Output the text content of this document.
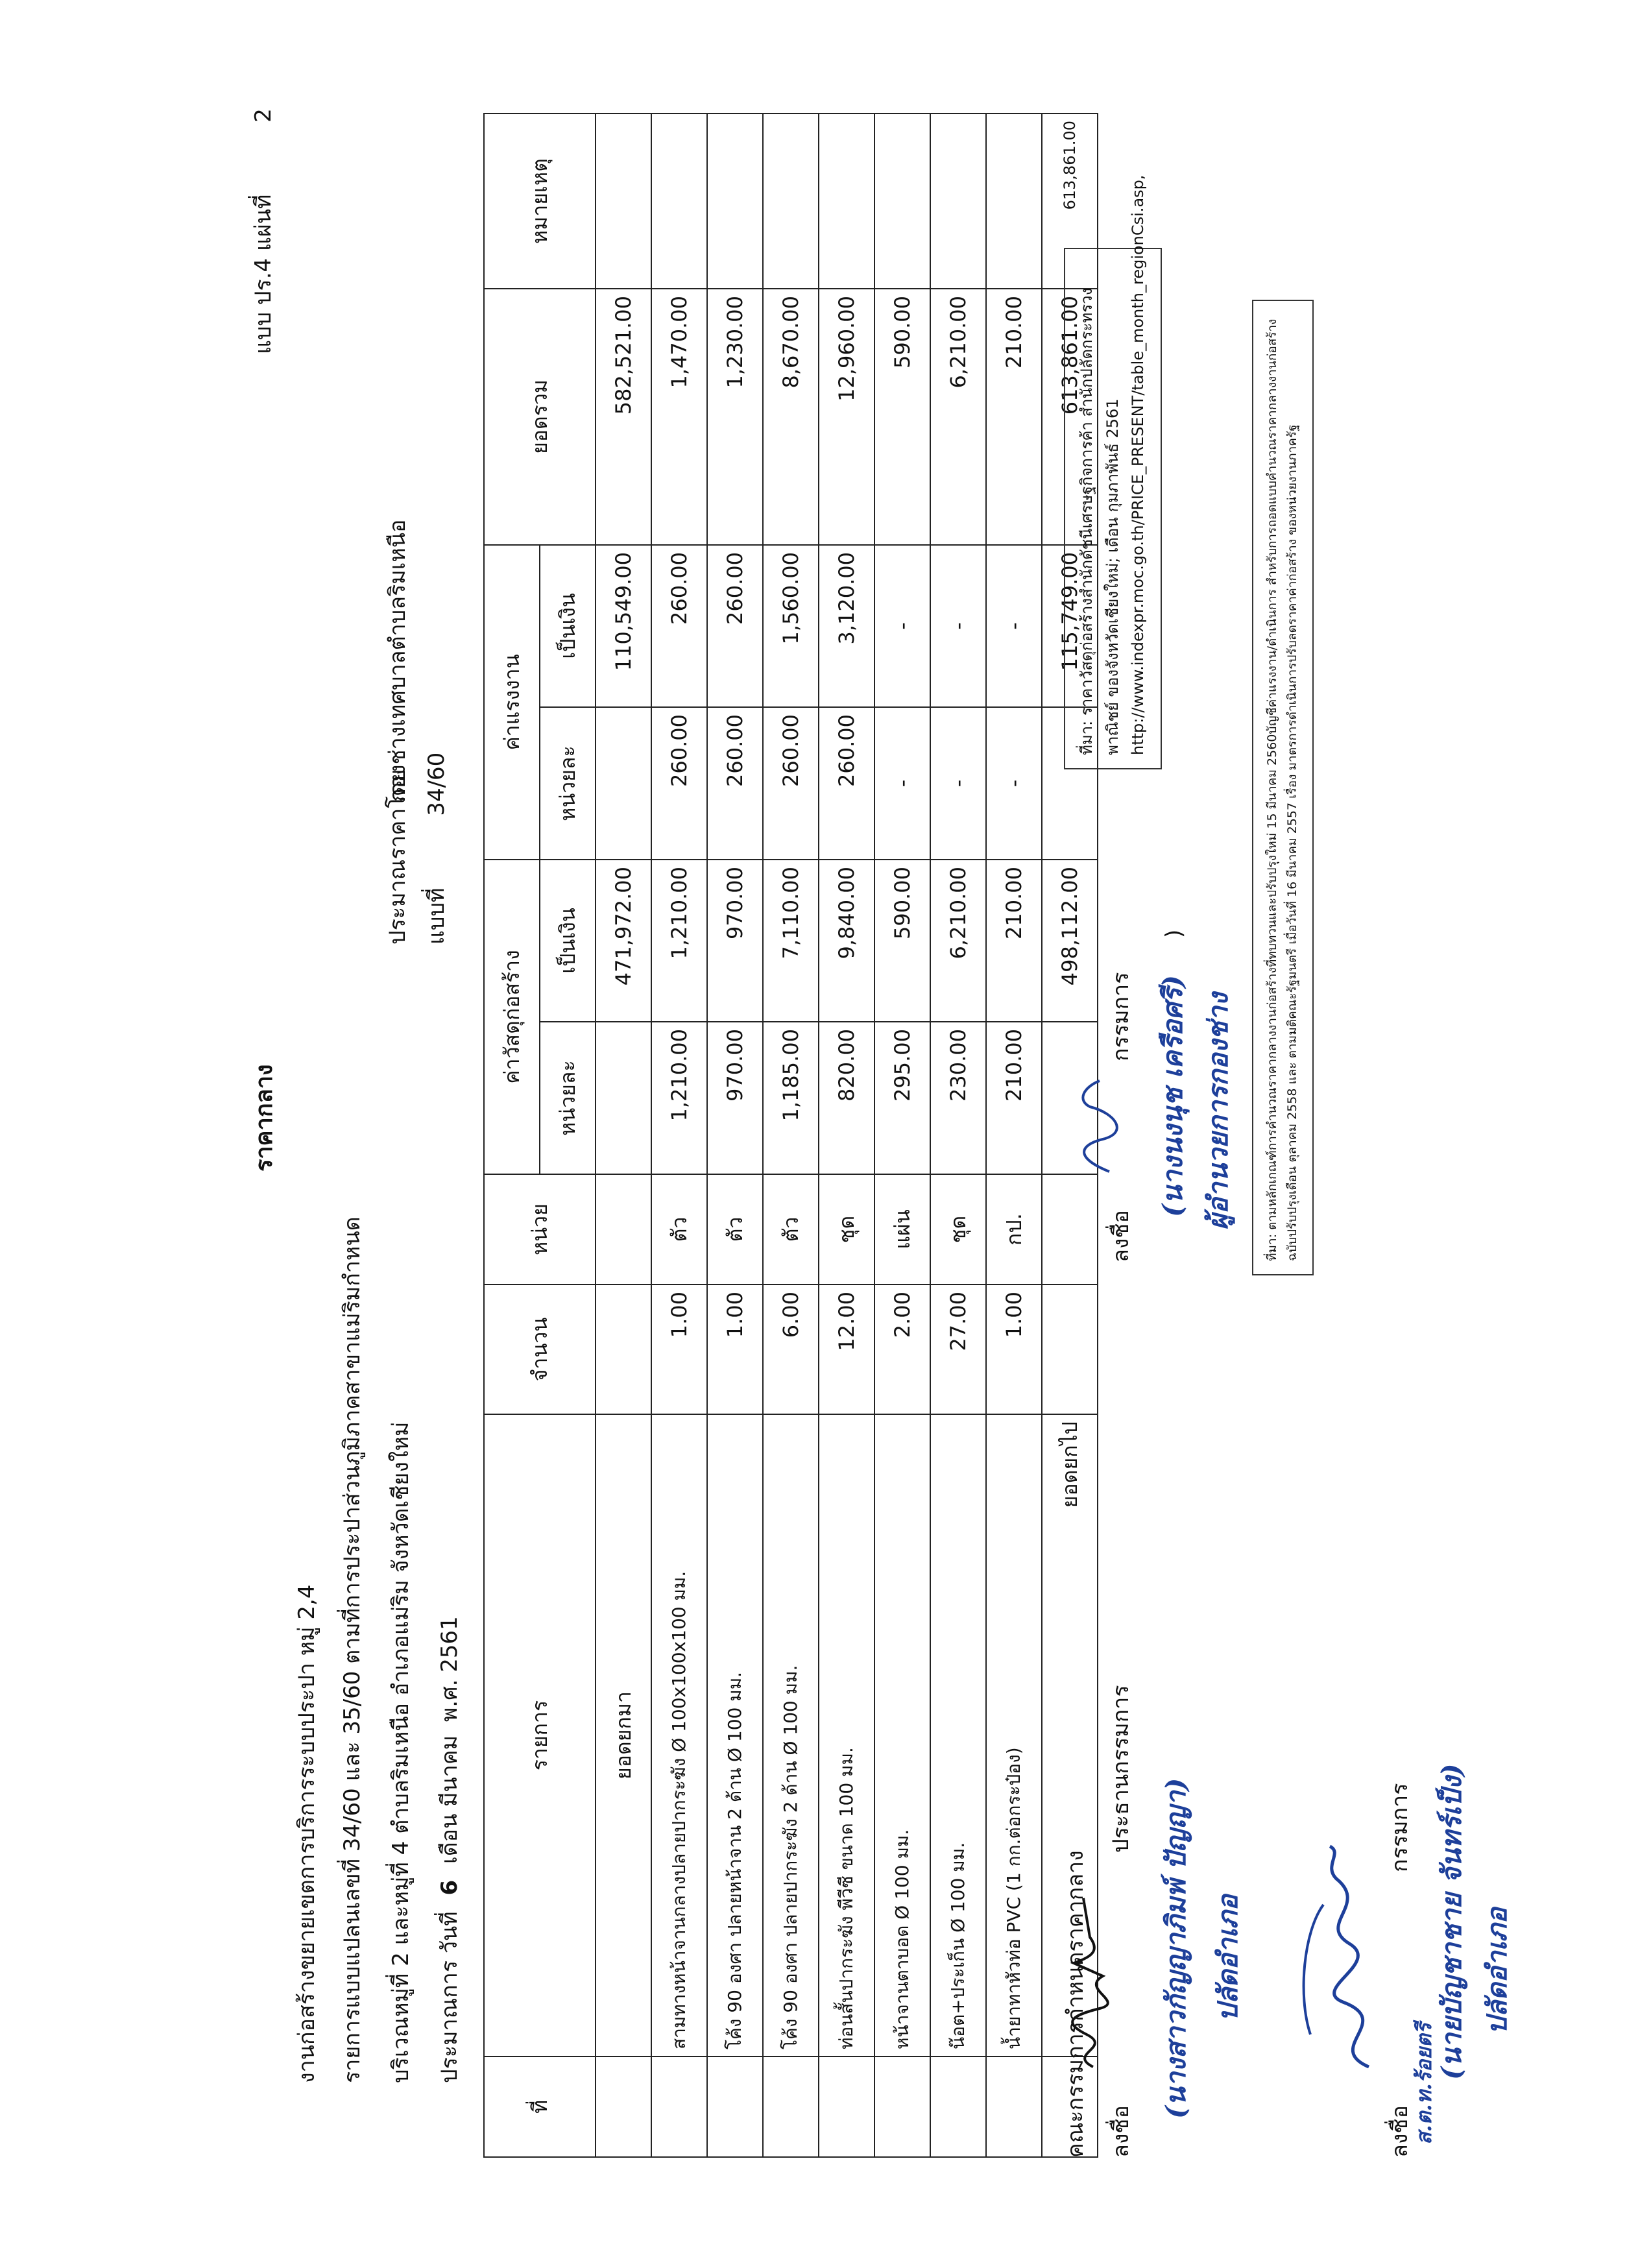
ราคากลาง
แบบ ปร.4 แผ่นที่ 2
งานก่อสร้างขยายเขตการบริการระบบประปา หมู่ 2,4 รายการแบบแปลนเลขที่ 34/60 และ 35/60 ตามที่การประปาส่วนภูมิภาคสาขาแม่ริมกำหนด
ประมาณราคาโดย
กองช่างเทศบาลตำบลริมเหนือ
บริเวณหมู่ที่ 2 และหมู่ที่ 4 ตำบลริมเหนือ อำเภอแม่ริม จังหวัดเชียงใหม่
แบบที่ 34/60
ประมาณการ วันที่ 6 เดือน มีนาคม พ.ศ. 2561
ที่	รายการ	จำนวน	หน่วย	ค่าวัสดุก่อสร้าง		ค่าแรงงาน		ยอดรวม	หมายเหตุ
				หน่วยละ	เป็นเงิน	หน่วยละ	เป็นเงิน		
	ยอดยกมา				471,972.00		110,549.00	582,521.00	
	สามทางหน้าจานกลางปลายปากระฆัง Ø 100x100x100 มม.	1.00	ตัว	1,210.00	1,210.00	260.00	260.00	1,470.00	
	โค้ง 90 องศา ปลายหน้าจาน 2 ด้าน Ø 100 มม.	1.00	ตัว	970.00	970.00	260.00	260.00	1,230.00	
	โค้ง 90 องศา ปลายปากระฆัง 2 ด้าน Ø 100 มม.	6.00	ตัว	1,185.00	7,110.00	260.00	1,560.00	8,670.00	
	ท่อนสั้นปากระฆัง พีวีซี ขนาด 100 มม.	12.00	ชุด	820.00	9,840.00	260.00	3,120.00	12,960.00	
	หน้าจานตาบอด Ø 100 มม.	2.00	แผ่น	295.00	590.00	-	-	590.00	
	น๊อต+ประเก็น Ø 100 มม.	27.00	ชุด	230.00	6,210.00	-	-	6,210.00	
	น้ำยาทาหัวท่อ PVC (1 กก.ต่อกระป๋อง)	1.00	กป.	210.00	210.00	-	-	210.00	
	ยอดยกไป				498,112.00		115,749.00	613,861.00	613,861.00
คณะกรรมการกำหนดราคากลาง ลงชื่อ
ประธานกรรมการ
(นางสาวกัญญาภิมพ์ ปัญญา) ปลัดอำเภอ
ลงชื่อ
กรรมการ (นางนงนุช เครือศรี)
)
ผู้อำนวยการกองช่าง
ลงชื่อ
ส.ต.ท.ร้อยตรี
กรรมการ (นายบัญชาชาย จันทร์เป็ง) ปลัดอำเภอ
ที่มา: ราคาวัสดุก่อสร้างสำนักดัชนีเศรษฐกิจการค้า สำนักปลัดกระทรวงพาณิชย์ ของจังหวัดเชียงใหม่; เดือน กุมภาพันธ์ 2561 http://www.indexpr.moc.go.th/PRICE_PRESENT/table_month_regionCsi.asp,	ที่มา: ตามหลักเกณฑ์การคำนวณราคากลางงานก่อสร้างที่ทบทวนและปรับปรุงใหม่ 15 มีนาคม 2560บัญชีค่าแรงงาน/ดำเนินการ สำหรับการถอดแบบคำนวณราคากลางงานก่อสร้าง ฉบับปรับปรุงเดือน ตุลาคม 2558 และ ตามมติคณะรัฐมนตรี เมื่อวันที่ 16 มีนาคม 2557 เรื่อง มาตรการดำเนินการปรับลดราคาค่าก่อสร้าง ของหน่วยงานภาครัฐ
